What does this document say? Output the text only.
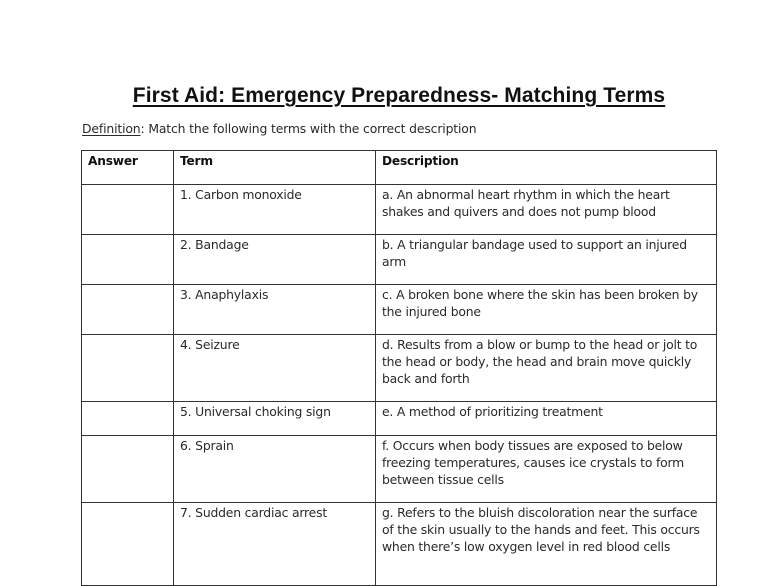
First Aid: Emergency Preparedness- Matching Terms
Definition: Match the following terms with the correct description
Answer	Term	Description
	1. Carbon monoxide	a. An abnormal heart rhythm in which the heart shakes and quivers and does not pump blood
	2. Bandage	b. A triangular bandage used to support an injured arm
	3. Anaphylaxis	c. A broken bone where the skin has been broken by the injured bone
	4. Seizure	d. Results from a blow or bump to the head or jolt to the head or body, the head and brain move quickly back and forth
	5. Universal choking sign	e. A method of prioritizing treatment
	6. Sprain	f. Occurs when body tissues are exposed to below freezing temperatures, causes ice crystals to form between tissue cells
	7. Sudden cardiac arrest	g. Refers to the bluish discoloration near the surface of the skin usually to the hands and feet. This occurs when there’s low oxygen level in red blood cells
